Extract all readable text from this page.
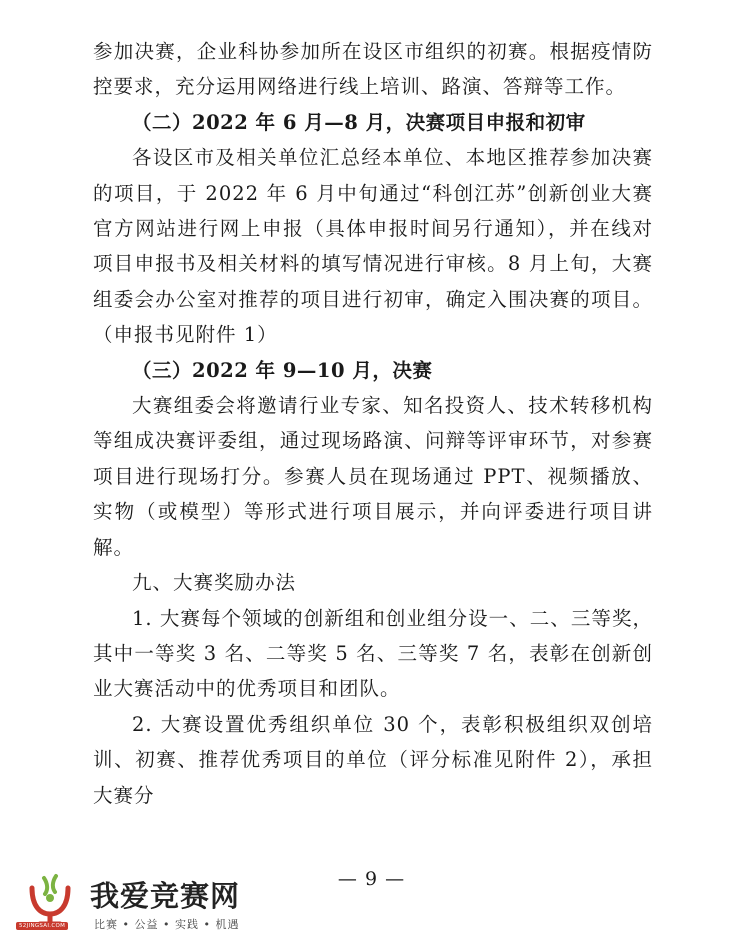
参加决赛，企业科协参加所在设区市组织的初赛。根据疫情防控要求，充分运用网络进行线上培训、路演、答辩等工作。

（二）2022 年 6 月—8 月，决赛项目申报和初审

各设区市及相关单位汇总经本单位、本地区推荐参加决赛的项目，于 2022 年 6 月中旬通过“科创江苏”创新创业大赛官方网站进行网上申报（具体申报时间另行通知），并在线对项目申报书及相关材料的填写情况进行审核。8 月上旬，大赛组委会办公室对推荐的项目进行初审，确定入围决赛的项目。（申报书见附件 1）

（三）2022 年 9—10 月，决赛

大赛组委会将邀请行业专家、知名投资人、技术转移机构等组成决赛评委组，通过现场路演、问辩等评审环节，对参赛项目进行现场打分。参赛人员在现场通过 PPT、视频播放、实物（或模型）等形式进行项目展示，并向评委进行项目讲解。

九、大赛奖励办法

1. 大赛每个领域的创新组和创业组分设一、二、三等奖，其中一等奖 3 名、二等奖 5 名、三等奖 7 名，表彰在创新创业大赛活动中的优秀项目和团队。

2. 大赛设置优秀组织单位 30 个，表彰积极组织双创培训、初赛、推荐优秀项目的单位（评分标准见附件 2），承担大赛分

— 9 —
我爱竞赛网
52JINGSAI.COM	比赛 • 公益 • 实践 • 机遇
